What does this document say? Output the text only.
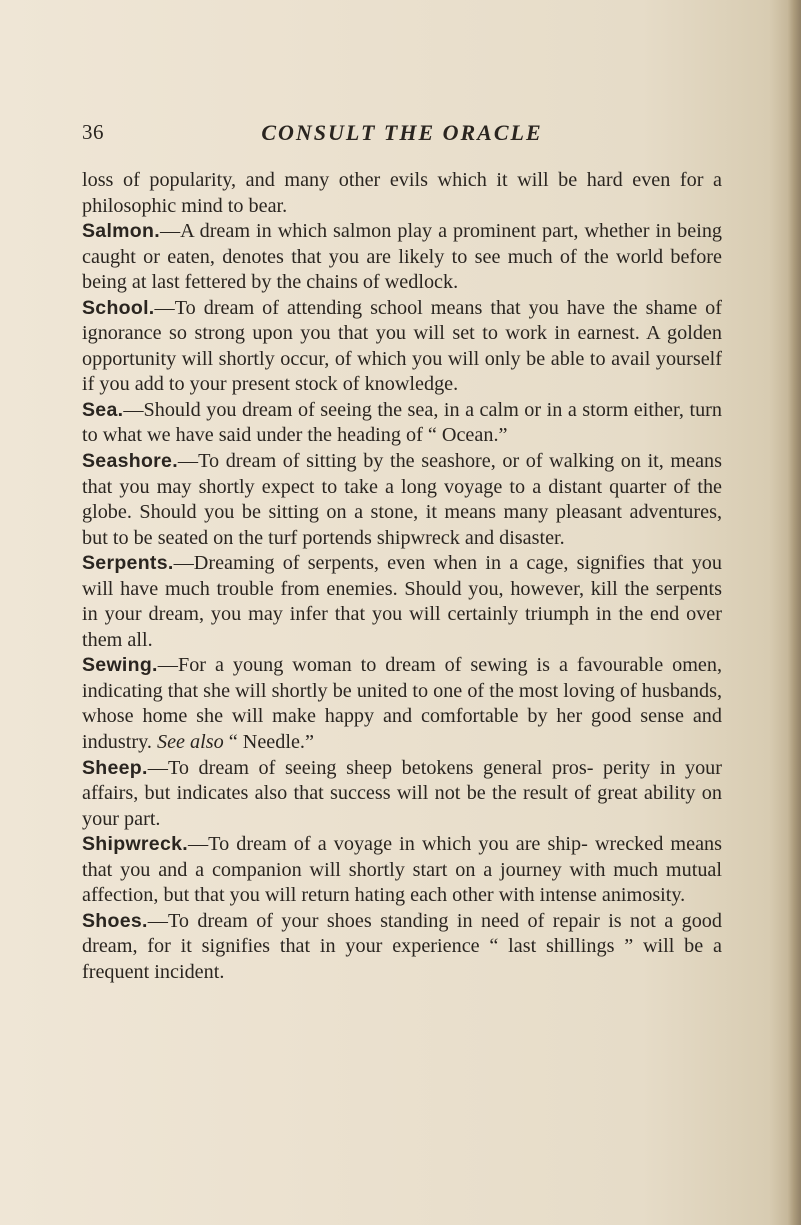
36	CONSULT THE ORACLE

loss of popularity, and many other evils which it will be hard even for a philosophic mind to bear.

Salmon.—A dream in which salmon play a prominent part, whether in being caught or eaten, denotes that you are likely to see much of the world before being at last fettered by the chains of wedlock.

School.—To dream of attending school means that you have the shame of ignorance so strong upon you that you will set to work in earnest. A golden opportunity will shortly occur, of which you will only be able to avail yourself if you add to your present stock of knowledge.

Sea.—Should you dream of seeing the sea, in a calm or in a storm either, turn to what we have said under the heading of “ Ocean.”

Seashore.—To dream of sitting by the seashore, or of walking on it, means that you may shortly expect to take a long voyage to a distant quarter of the globe. Should you be sitting on a stone, it means many pleasant adventures, but to be seated on the turf portends shipwreck and disaster.

Serpents.—Dreaming of serpents, even when in a cage, signifies that you will have much trouble from enemies. Should you, however, kill the serpents in your dream, you may infer that you will certainly triumph in the end over them all.

Sewing.—For a young woman to dream of sewing is a favourable omen, indicating that she will shortly be united to one of the most loving of husbands, whose home she will make happy and comfortable by her good sense and industry. See also “ Needle.”

Sheep.—To dream of seeing sheep betokens general pros- perity in your affairs, but indicates also that success will not be the result of great ability on your part.

Shipwreck.—To dream of a voyage in which you are ship- wrecked means that you and a companion will shortly start on a journey with much mutual affection, but that you will return hating each other with intense animosity.

Shoes.—To dream of your shoes standing in need of repair is not a good dream, for it signifies that in your experience “ last shillings ” will be a frequent incident.
